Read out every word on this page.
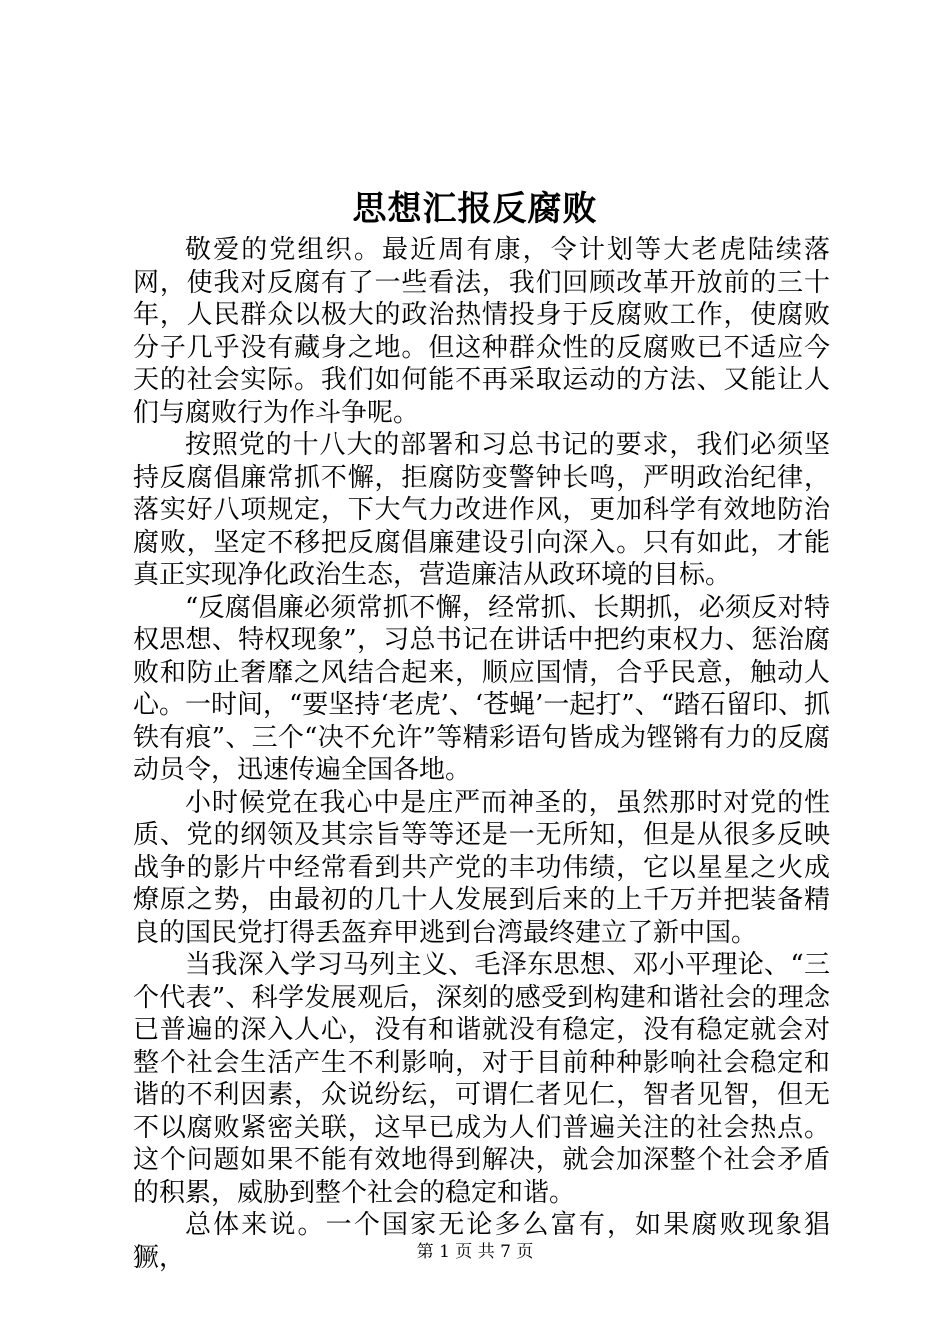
思想汇报反腐败

敬爱的党组织。最近周有康，令计划等大老虎陆续落网，使我对反腐有了一些看法，我们回顾改革开放前的三十年，人民群众以极大的政治热情投身于反腐败工作，使腐败分子几乎没有藏身之地。但这种群众性的反腐败已不适应今天的社会实际。我们如何能不再采取运动的方法、又能让人们与腐败行为作斗争呢。

按照党的十八大的部署和习总书记的要求，我们必须坚持反腐倡廉常抓不懈，拒腐防变警钟长鸣，严明政治纪律，落实好八项规定，下大气力改进作风，更加科学有效地防治腐败，坚定不移把反腐倡廉建设引向深入。只有如此，才能真正实现净化政治生态，营造廉洁从政环境的目标。

“反腐倡廉必须常抓不懈，经常抓、长期抓，必须反对特权思想、特权现象”，习总书记在讲话中把约束权力、惩治腐败和防止奢靡之风结合起来，顺应国情，合乎民意，触动人心。一时间，“要坚持‘老虎’、‘苍蝇’一起打”、“踏石留印、抓铁有痕”、三个“决不允许”等精彩语句皆成为铿锵有力的反腐动员令，迅速传遍全国各地。

小时候党在我心中是庄严而神圣的，虽然那时对党的性质、党的纲领及其宗旨等等还是一无所知，但是从很多反映战争的影片中经常看到共产党的丰功伟绩，它以星星之火成燎原之势，由最初的几十人发展到后来的上千万并把装备精良的国民党打得丢盔弃甲逃到台湾最终建立了新中国。

当我深入学习马列主义、毛泽东思想、邓小平理论、“三个代表”、科学发展观后，深刻的感受到构建和谐社会的理念已普遍的深入人心，没有和谐就没有稳定，没有稳定就会对整个社会生活产生不利影响，对于目前种种影响社会稳定和谐的不利因素，众说纷纭，可谓仁者见仁，智者见智，但无不以腐败紧密关联，这早已成为人们普遍关注的社会热点。这个问题如果不能有效地得到解决，就会加深整个社会矛盾的积累，威胁到整个社会的稳定和谐。

总体来说。一个国家无论多么富有，如果腐败现象猖獗，	第 1 页 共 7 页
